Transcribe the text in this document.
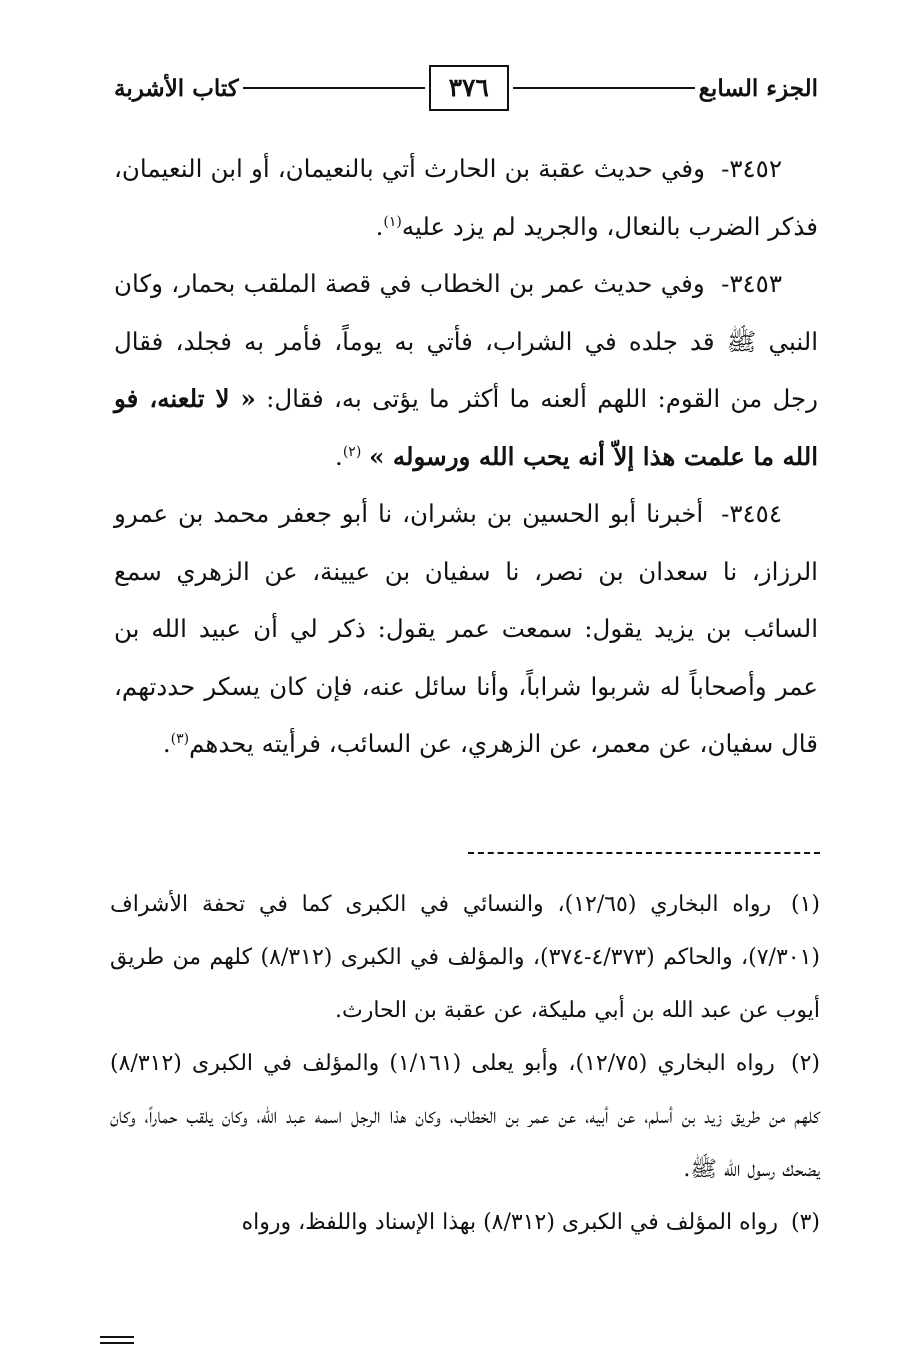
الجزء السابع
٣٧٦
كتاب الأشربة

٣٤٥٢- وفي حديث عقبة بن الحارث أتي بالنعيمان، أو ابن النعيمان، فذكر الضرب بالنعال، والجريد لم يزد عليه$^{(١)}$.

٣٤٥٣- وفي حديث عمر بن الخطاب في قصة الملقب بحمار، وكان النبي ﷺ قد جلده في الشراب، فأتي به يوماً، فأمر به فجلد، فقال رجل من القوم: اللهم ألعنه ما أكثر ما يؤتى به، فقال: « لا تلعنه، فو الله ما علمت هذا إلاّ أنه يحب الله ورسوله » $^{(٢)}$.

٣٤٥٤- أخبرنا أبو الحسين بن بشران، نا أبو جعفر محمد بن عمرو الرزاز، نا سعدان بن نصر، نا سفيان بن عيينة، عن الزهري سمع السائب بن يزيد يقول: سمعت عمر يقول: ذكر لي أن عبيد الله بن عمر وأصحاباً له شربوا شراباً، وأنا سائل عنه، فإن كان يسكر حددتهم، قال سفيان، عن معمر، عن الزهري، عن السائب، فرأيته يحدهم$^{(٣)}$.

(١) رواه البخاري (١٢/٦٥)، والنسائي في الكبرى كما في تحفة الأشراف (٧/٣٠١)، والحاكم (٤/٣٧٣-٣٧٤)، والمؤلف في الكبرى (٨/٣١٢) كلهم من طريق أيوب عن عبد الله بن أبي مليكة، عن عقبة بن الحارث.

(٢) رواه البخاري (١٢/٧٥)، وأبو يعلى (١/١٦١) والمؤلف في الكبرى (٨/٣١٢) كلهم من طريق زيد بن أسلم، عن أبيه، عن عمر بن الخطاب، وكان هذا الرجل اسمه عبد الله، وكان يلقب حماراً، وكان يضحك رسول الله ﷺ.

(٣) رواه المؤلف في الكبرى (٨/٣١٢) بهذا الإسناد واللفظ، ورواه
